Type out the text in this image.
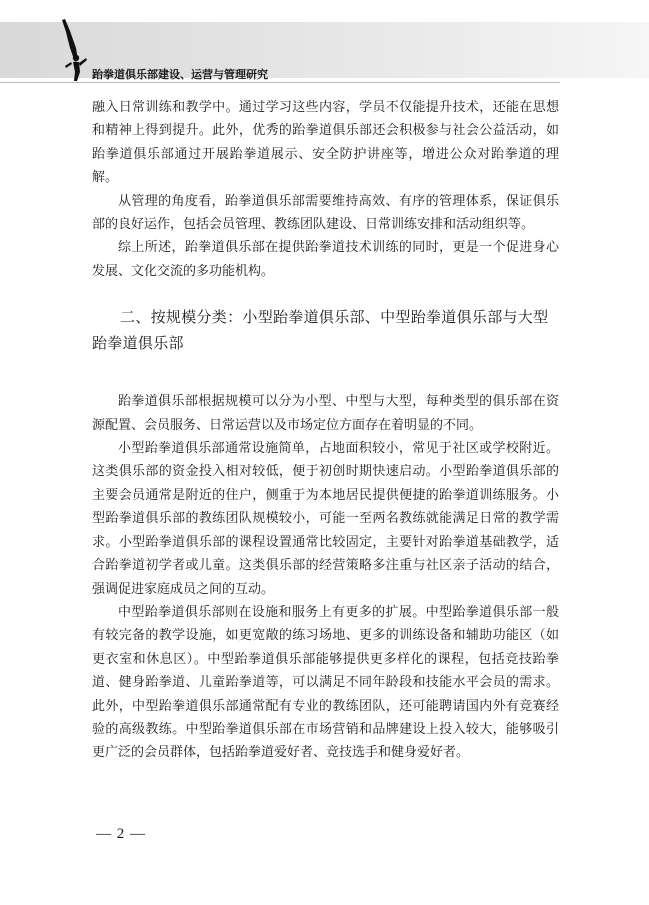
跆拳道俱乐部建设、运营与管理研究

融入日常训练和教学中。通过学习这些内容，学员不仅能提升技术，还能在思想和精神上得到提升。此外，优秀的跆拳道俱乐部还会积极参与社会公益活动，如跆拳道俱乐部通过开展跆拳道展示、安全防护讲座等，增进公众对跆拳道的理解。

从管理的角度看，跆拳道俱乐部需要维持高效、有序的管理体系，保证俱乐部的良好运作，包括会员管理、教练团队建设、日常训练安排和活动组织等。

综上所述，跆拳道俱乐部在提供跆拳道技术训练的同时，更是一个促进身心发展、文化交流的多功能机构。

二、按规模分类：小型跆拳道俱乐部、中型跆拳道俱乐部与大型跆拳道俱乐部

跆拳道俱乐部根据规模可以分为小型、中型与大型，每种类型的俱乐部在资源配置、会员服务、日常运营以及市场定位方面存在着明显的不同。

小型跆拳道俱乐部通常设施简单，占地面积较小，常见于社区或学校附近。这类俱乐部的资金投入相对较低，便于初创时期快速启动。小型跆拳道俱乐部的主要会员通常是附近的住户，侧重于为本地居民提供便捷的跆拳道训练服务。小型跆拳道俱乐部的教练团队规模较小，可能一至两名教练就能满足日常的教学需求。小型跆拳道俱乐部的课程设置通常比较固定，主要针对跆拳道基础教学，适合跆拳道初学者或儿童。这类俱乐部的经营策略多注重与社区亲子活动的结合，强调促进家庭成员之间的互动。

中型跆拳道俱乐部则在设施和服务上有更多的扩展。中型跆拳道俱乐部一般有较完备的教学设施，如更宽敞的练习场地、更多的训练设备和辅助功能区（如更衣室和休息区）。中型跆拳道俱乐部能够提供更多样化的课程，包括竞技跆拳道、健身跆拳道、儿童跆拳道等，可以满足不同年龄段和技能水平会员的需求。此外，中型跆拳道俱乐部通常配有专业的教练团队，还可能聘请国内外有竞赛经验的高级教练。中型跆拳道俱乐部在市场营销和品牌建设上投入较大，能够吸引更广泛的会员群体，包括跆拳道爱好者、竞技选手和健身爱好者。

— 2 —
